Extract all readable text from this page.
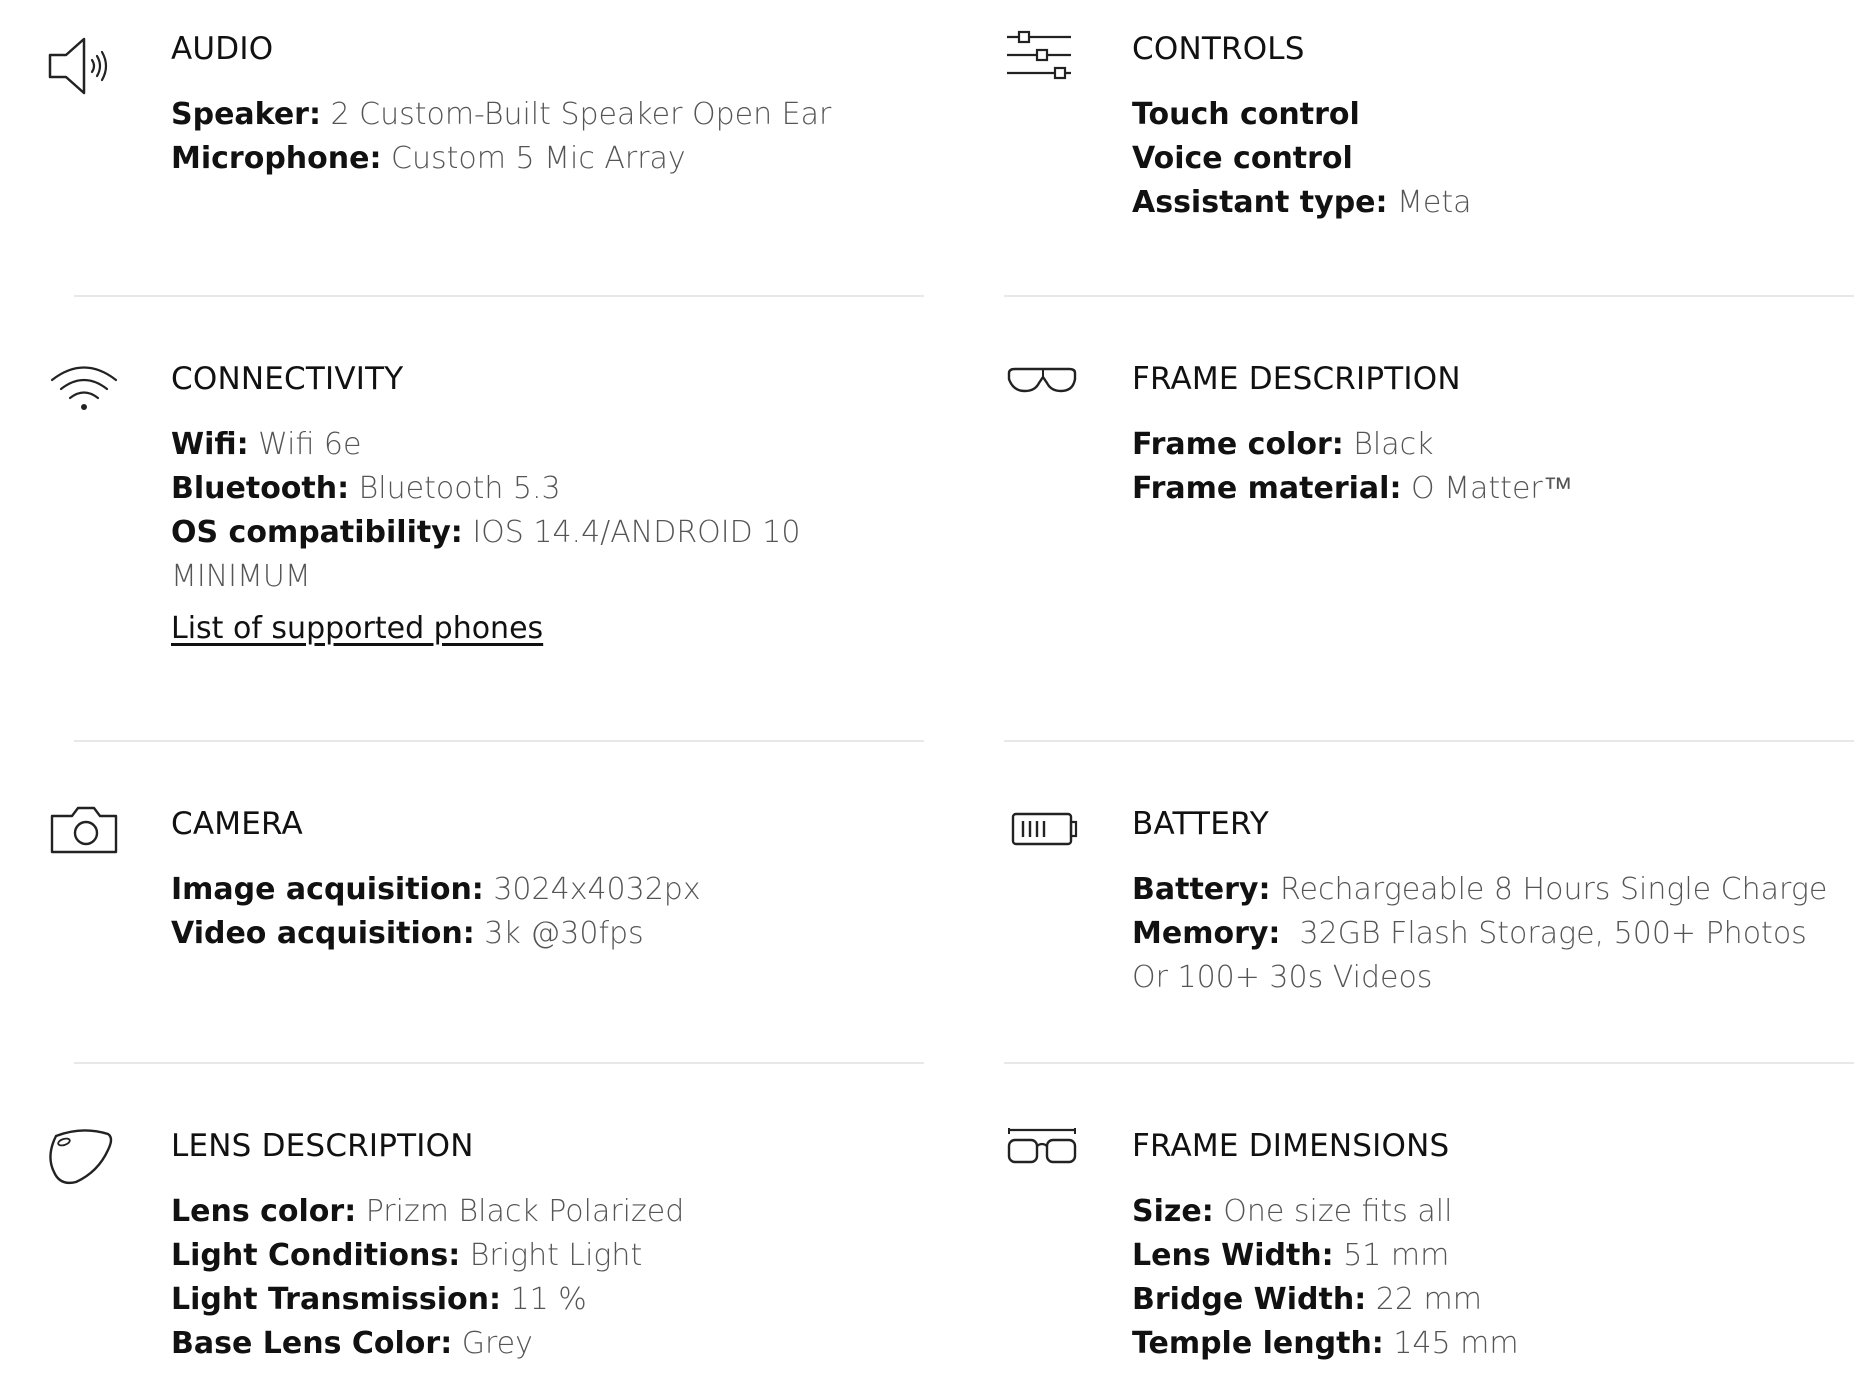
AUDIO
Speaker: 2 Custom-Built Speaker Open Ear
Microphone: Custom 5 Mic Array
CONTROLS
Touch control
Voice control
Assistant type: Meta
CONNECTIVITY
Wifi: Wifi 6e
Bluetooth: Bluetooth 5.3
OS compatibility: IOS 14.4/ANDROID 10 MINIMUM
List of supported phones
FRAME DESCRIPTION
Frame color: Black
Frame material: O Matter™
CAMERA
Image acquisition: 3024x4032px
Video acquisition: 3k @30fps
BATTERY
Battery: Rechargeable 8 Hours Single Charge
Memory:  32GB Flash Storage, 500+ Photos Or 100+ 30s Videos
LENS DESCRIPTION
Lens color: Prizm Black Polarized
Light Conditions: Bright Light
Light Transmission: 11 %
Base Lens Color: Grey
FRAME DIMENSIONS
Size: One size fits all
Lens Width: 51 mm
Bridge Width: 22 mm
Temple length: 145 mm
